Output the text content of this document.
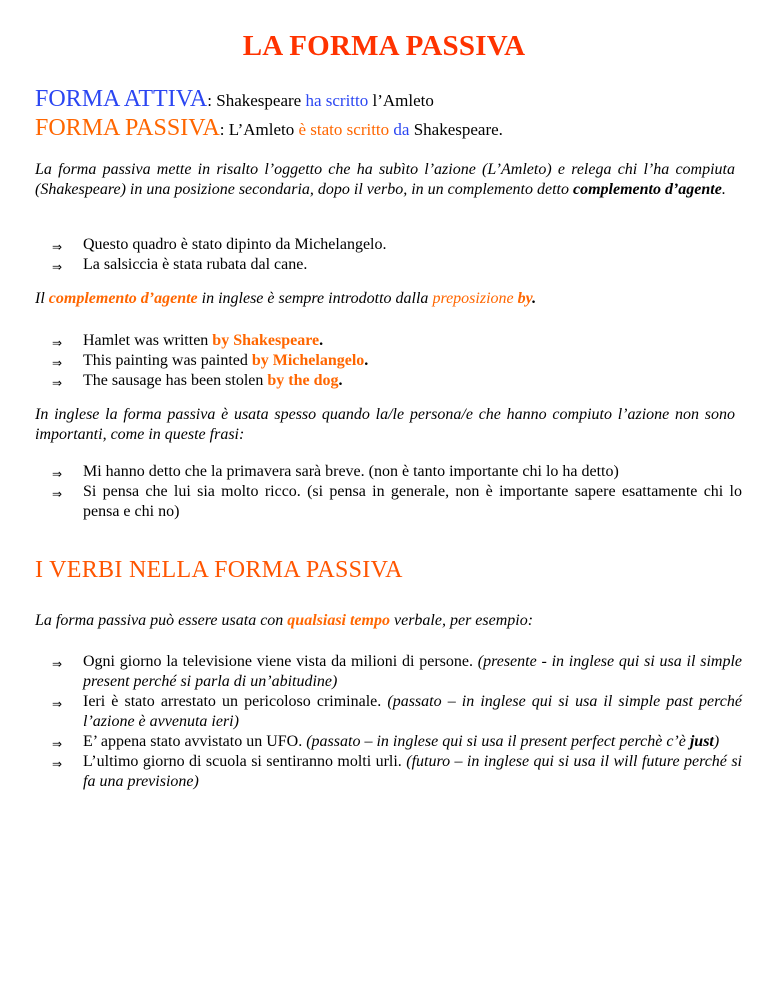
LA FORMA PASSIVA
FORMA ATTIVA: Shakespeare ha scritto l’Amleto
FORMA PASSIVA: L’Amleto è stato scritto da Shakespeare.
La forma passiva mette in risalto l’oggetto che ha subìto l’azione (L’Amleto) e relega chi l’ha compiuta (Shakespeare) in una posizione secondaria, dopo il verbo, in un complemento detto complemento d’agente.
⇒ Questo quadro è stato dipinto da Michelangelo.
⇒ La salsiccia è stata rubata dal cane.
Il complemento d’agente in inglese è sempre introdotto dalla preposizione by.
⇒ Hamlet was written by Shakespeare.
⇒ This painting was painted by Michelangelo.
⇒ The sausage has been stolen by the dog.
In inglese la forma passiva è usata spesso quando la/le persona/e che hanno compiuto l’azione non sono importanti, come in queste frasi:
⇒ Mi hanno detto che la primavera sarà breve. (non è tanto importante chi lo ha detto)
⇒ Si pensa che lui sia molto ricco. (si pensa in generale, non è importante sapere esattamente chi lo pensa e chi no)
I VERBI NELLA FORMA PASSIVA
La forma passiva può essere usata con qualsiasi tempo verbale, per esempio:
⇒ Ogni giorno la televisione viene vista da milioni di persone. (presente - in inglese qui si usa il simple present perché si parla di un’abitudine)
⇒ Ieri è stato arrestato un pericoloso criminale. (passato – in inglese qui si usa il simple past perché l’azione è avvenuta ieri)
⇒ E’ appena stato avvistato un UFO. (passato – in inglese qui si usa il present perfect perchè c’è just)
⇒ L’ultimo giorno di scuola si sentiranno molti urli. (futuro – in inglese qui si usa il will future perché si fa una previsione)
